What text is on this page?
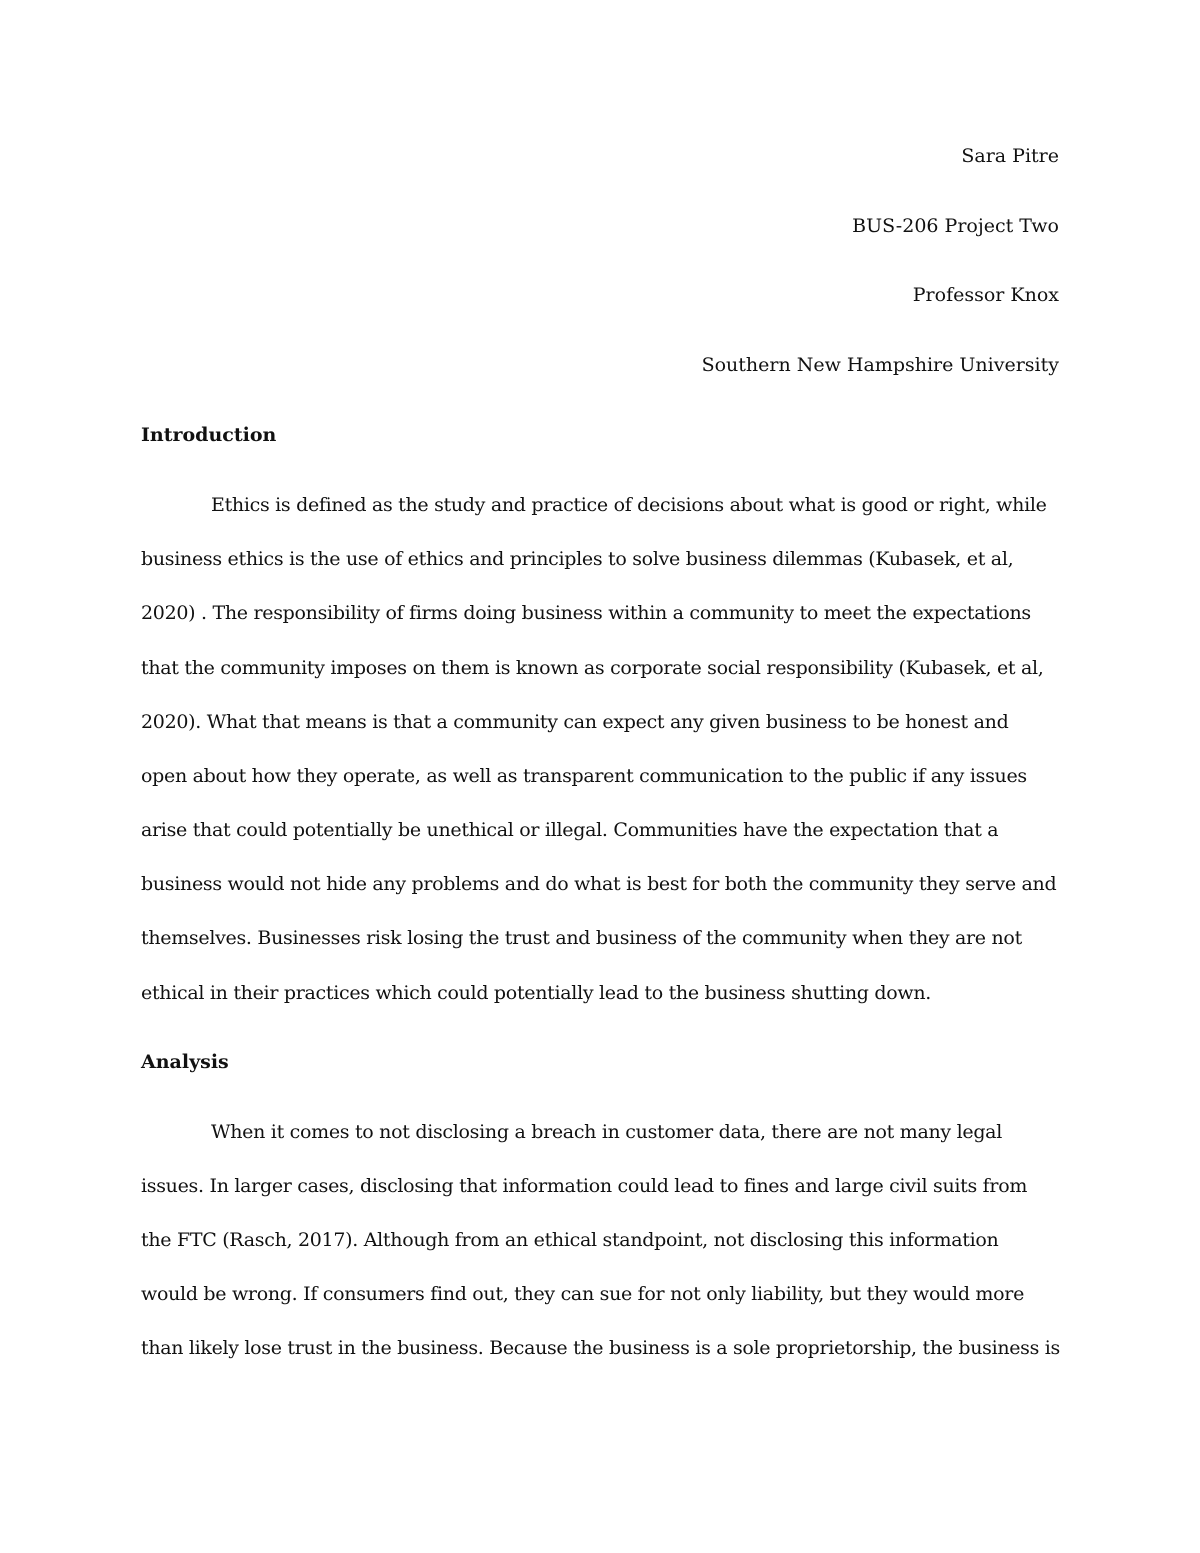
Sara Pitre
BUS-206 Project Two
Professor Knox
Southern New Hampshire University
Introduction
Ethics is defined as the study and practice of decisions about what is good or right, while
business ethics is the use of ethics and principles to solve business dilemmas (Kubasek, et al,
2020) . The responsibility of firms doing business within a community to meet the expectations
that the community imposes on them is known as corporate social responsibility (Kubasek, et al,
2020). What that means is that a community can expect any given business to be honest and
open about how they operate, as well as transparent communication to the public if any issues
arise that could potentially be unethical or illegal. Communities have the expectation that a
business would not hide any problems and do what is best for both the community they serve and
themselves. Businesses risk losing the trust and business of the community when they are not
ethical in their practices which could potentially lead to the business shutting down.
Analysis
When it comes to not disclosing a breach in customer data, there are not many legal
issues. In larger cases, disclosing that information could lead to fines and large civil suits from
the FTC (Rasch, 2017). Although from an ethical standpoint, not disclosing this information
would be wrong. If consumers find out, they can sue for not only liability, but they would more
than likely lose trust in the business. Because the business is a sole proprietorship, the business is
